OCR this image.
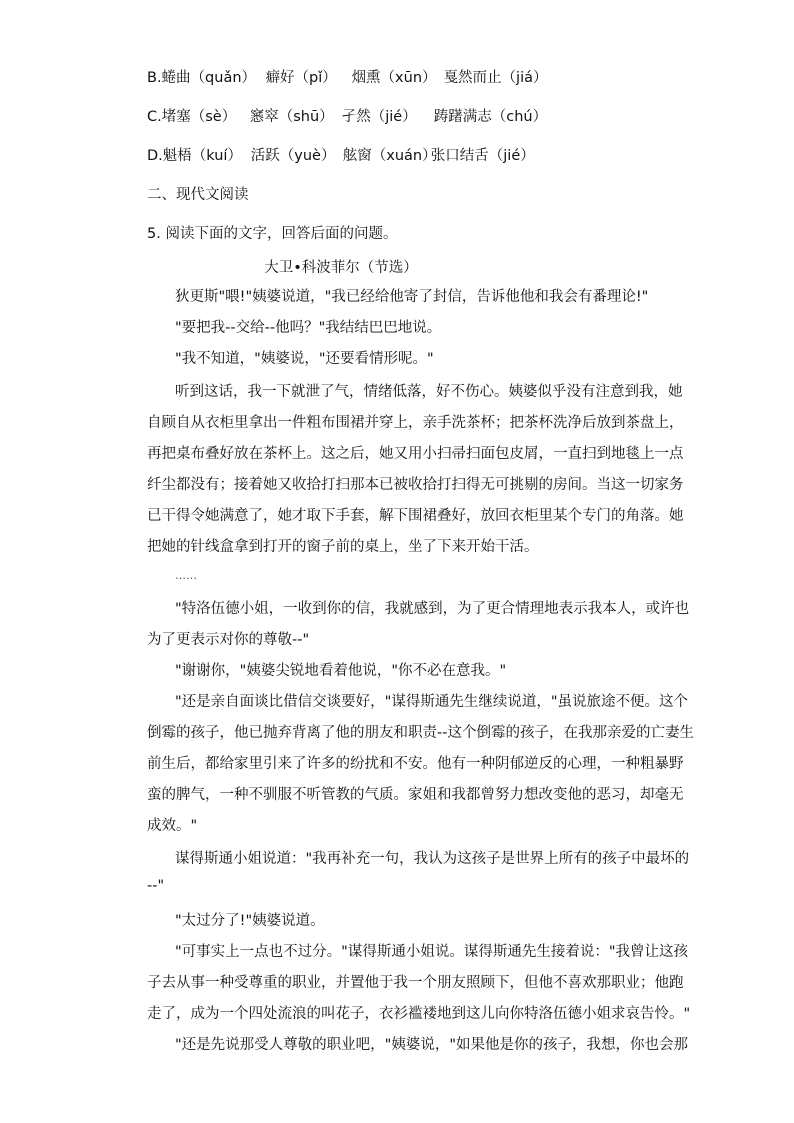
B.蜷曲（quǎn） 癖好（pǐ） 烟熏（xūn） 戛然而止（jiá）
C.堵塞（sè） 窸窣（shū） 孑然（jié） 踌躇满志（chú）
D.魁梧（kuí） 活跃（yuè） 舷窗（xuán）张口结舌（jié）
二、现代文阅读
5. 阅读下面的文字，回答后面的问题。
大卫•科波菲尔（节选）
狄更斯"喂!"姨婆说道，"我已经给他寄了封信，告诉他他和我会有番理论!"
"要把我--交给--他吗？"我结结巴巴地说。
"我不知道，"姨婆说，"还要看情形呢。"
听到这话，我一下就泄了气，情绪低落，好不伤心。姨婆似乎没有注意到我，她
自顾自从衣柜里拿出一件粗布围裙并穿上，亲手洗茶杯；把茶杯洗净后放到茶盘上，
再把桌布叠好放在茶杯上。这之后，她又用小扫帚扫面包皮屑，一直扫到地毯上一点
纤尘都没有；接着她又收拾打扫那本已被收拾打扫得无可挑剔的房间。当这一切家务
已干得令她满意了，她才取下手套，解下围裙叠好，放回衣柜里某个专门的角落。她
把她的针线盒拿到打开的窗子前的桌上，坐了下来开始干活。
……
"特洛伍德小姐，一收到你的信，我就感到，为了更合情理地表示我本人，或许也
为了更表示对你的尊敬--"
"谢谢你，"姨婆尖锐地看着他说，"你不必在意我。"
"还是亲自面谈比借信交谈要好，"谋得斯通先生继续说道，"虽说旅途不便。这个
倒霉的孩子，他已抛弃背离了他的朋友和职责--这个倒霉的孩子，在我那亲爱的亡妻生
前生后，都给家里引来了许多的纷扰和不安。他有一种阴郁逆反的心理，一种粗暴野
蛮的脾气，一种不驯服不听管教的气质。家姐和我都曾努力想改变他的恶习，却毫无
成效。"
谋得斯通小姐说道："我再补充一句，我认为这孩子是世界上所有的孩子中最坏的
--"
"太过分了!"姨婆说道。
"可事实上一点也不过分。"谋得斯通小姐说。谋得斯通先生接着说："我曾让这孩
子去从事一种受尊重的职业，并置他于我一个朋友照顾下，但他不喜欢那职业；他跑
走了，成为一个四处流浪的叫花子，衣衫褴褛地到这儿向你特洛伍德小姐求哀告怜。"
"还是先说那受人尊敬的职业吧，"姨婆说，"如果他是你的孩子，我想，你也会那
